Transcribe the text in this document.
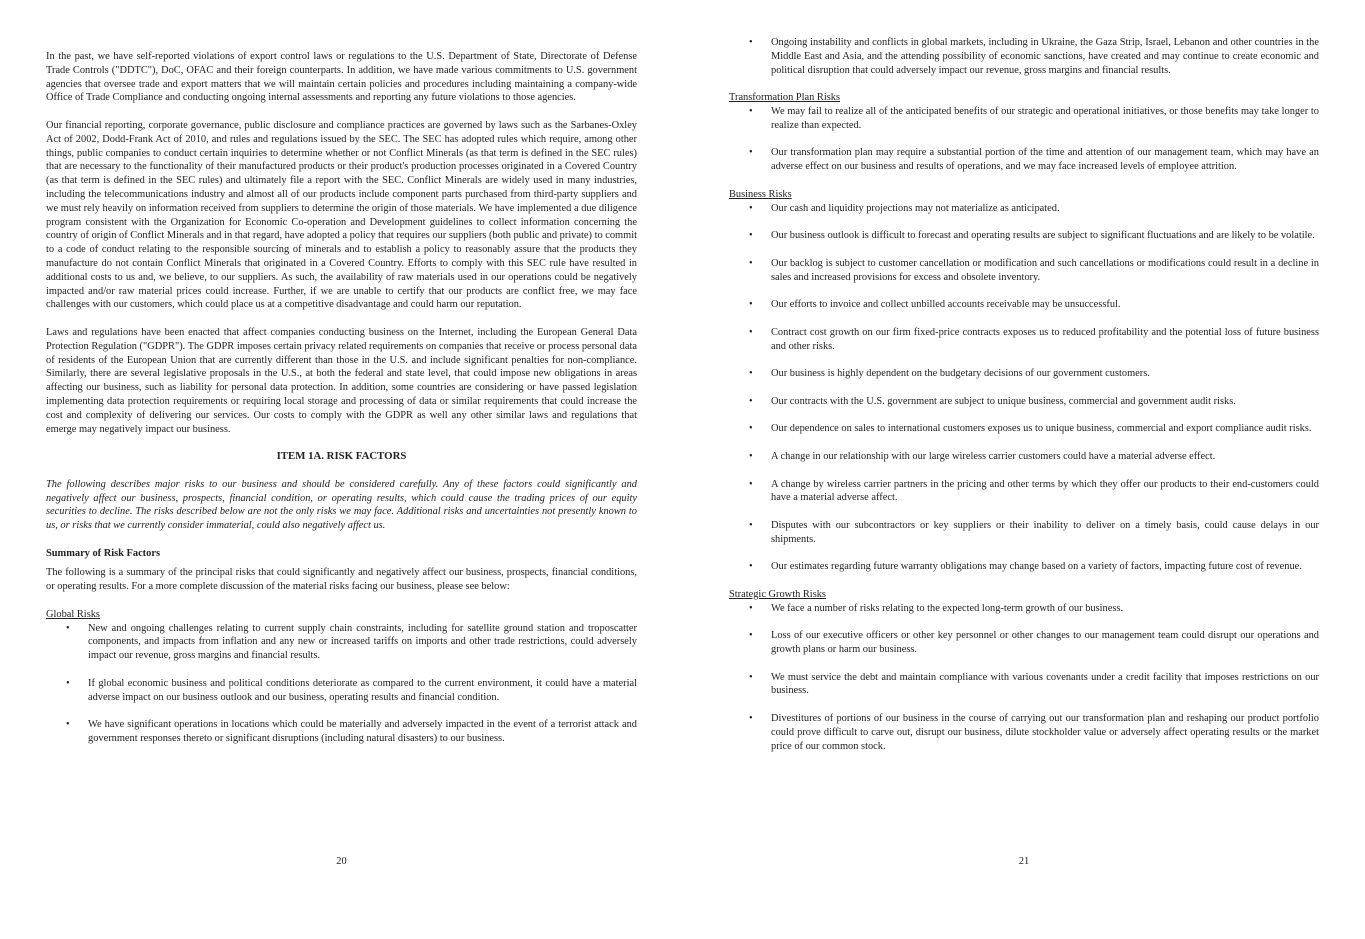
In the past, we have self-reported violations of export control laws or regulations to the U.S. Department of State, Directorate of Defense Trade Controls ("DDTC"), DoC, OFAC and their foreign counterparts. In addition, we have made various commitments to U.S. government agencies that oversee trade and export matters that we will maintain certain policies and procedures including maintaining a company-wide Office of Trade Compliance and conducting ongoing internal assessments and reporting any future violations to those agencies.

Our financial reporting, corporate governance, public disclosure and compliance practices are governed by laws such as the Sarbanes-Oxley Act of 2002, Dodd-Frank Act of 2010, and rules and regulations issued by the SEC. The SEC has adopted rules which require, among other things, public companies to conduct certain inquiries to determine whether or not Conflict Minerals (as that term is defined in the SEC rules) that are necessary to the functionality of their manufactured products or their product's production processes originated in a Covered Country (as that term is defined in the SEC rules) and ultimately file a report with the SEC. Conflict Minerals are widely used in many industries, including the telecommunications industry and almost all of our products include component parts purchased from third-party suppliers and we must rely heavily on information received from suppliers to determine the origin of those materials. We have implemented a due diligence program consistent with the Organization for Economic Co-operation and Development guidelines to collect information concerning the country of origin of Conflict Minerals and in that regard, have adopted a policy that requires our suppliers (both public and private) to commit to a code of conduct relating to the responsible sourcing of minerals and to establish a policy to reasonably assure that the products they manufacture do not contain Conflict Minerals that originated in a Covered Country. Efforts to comply with this SEC rule have resulted in additional costs to us and, we believe, to our suppliers. As such, the availability of raw materials used in our operations could be negatively impacted and/or raw material prices could increase. Further, if we are unable to certify that our products are conflict free, we may face challenges with our customers, which could place us at a competitive disadvantage and could harm our reputation.

Laws and regulations have been enacted that affect companies conducting business on the Internet, including the European General Data Protection Regulation ("GDPR"). The GDPR imposes certain privacy related requirements on companies that receive or process personal data of residents of the European Union that are currently different than those in the U.S. and include significant penalties for non-compliance. Similarly, there are several legislative proposals in the U.S., at both the federal and state level, that could impose new obligations in areas affecting our business, such as liability for personal data protection. In addition, some countries are considering or have passed legislation implementing data protection requirements or requiring local storage and processing of data or similar requirements that could increase the cost and complexity of delivering our services. Our costs to comply with the GDPR as well any other similar laws and regulations that emerge may negatively impact our business.

ITEM 1A. RISK FACTORS

The following describes major risks to our business and should be considered carefully. Any of these factors could significantly and negatively affect our business, prospects, financial condition, or operating results, which could cause the trading prices of our equity securities to decline. The risks described below are not the only risks we may face. Additional risks and uncertainties not presently known to us, or risks that we currently consider immaterial, could also negatively affect us.

Summary of Risk Factors

The following is a summary of the principal risks that could significantly and negatively affect our business, prospects, financial conditions, or operating results. For a more complete discussion of the material risks facing our business, please see below:

Global Risks

• New and ongoing challenges relating to current supply chain constraints, including for satellite ground station and troposcatter components, and impacts from inflation and any new or increased tariffs on imports and other trade restrictions, could adversely impact our revenue, gross margins and financial results.
• If global economic business and political conditions deteriorate as compared to the current environment, it could have a material adverse impact on our business outlook and our business, operating results and financial condition.
• We have significant operations in locations which could be materially and adversely impacted in the event of a terrorist attack and government responses thereto or significant disruptions (including natural disasters) to our business.
20
• Ongoing instability and conflicts in global markets, including in Ukraine, the Gaza Strip, Israel, Lebanon and other countries in the Middle East and Asia, and the attending possibility of economic sanctions, have created and may continue to create economic and political disruption that could adversely impact our revenue, gross margins and financial results.

Transformation Plan Risks

• We may fail to realize all of the anticipated benefits of our strategic and operational initiatives, or those benefits may take longer to realize than expected.
• Our transformation plan may require a substantial portion of the time and attention of our management team, which may have an adverse effect on our business and results of operations, and we may face increased levels of employee attrition.

Business Risks

• Our cash and liquidity projections may not materialize as anticipated.
• Our business outlook is difficult to forecast and operating results are subject to significant fluctuations and are likely to be volatile.
• Our backlog is subject to customer cancellation or modification and such cancellations or modifications could result in a decline in sales and increased provisions for excess and obsolete inventory.
• Our efforts to invoice and collect unbilled accounts receivable may be unsuccessful.
• Contract cost growth on our firm fixed-price contracts exposes us to reduced profitability and the potential loss of future business and other risks.
• Our business is highly dependent on the budgetary decisions of our government customers.
• Our contracts with the U.S. government are subject to unique business, commercial and government audit risks.
• Our dependence on sales to international customers exposes us to unique business, commercial and export compliance audit risks.
• A change in our relationship with our large wireless carrier customers could have a material adverse effect.
• A change by wireless carrier partners in the pricing and other terms by which they offer our products to their end-customers could have a material adverse affect.
• Disputes with our subcontractors or key suppliers or their inability to deliver on a timely basis, could cause delays in our shipments.
• Our estimates regarding future warranty obligations may change based on a variety of factors, impacting future cost of revenue.

Strategic Growth Risks

• We face a number of risks relating to the expected long-term growth of our business.
• Loss of our executive officers or other key personnel or other changes to our management team could disrupt our operations and growth plans or harm our business.
• We must service the debt and maintain compliance with various covenants under a credit facility that imposes restrictions on our business.
• Divestitures of portions of our business in the course of carrying out our transformation plan and reshaping our product portfolio could prove difficult to carve out, disrupt our business, dilute stockholder value or adversely affect operating results or the market price of our common stock.
21
